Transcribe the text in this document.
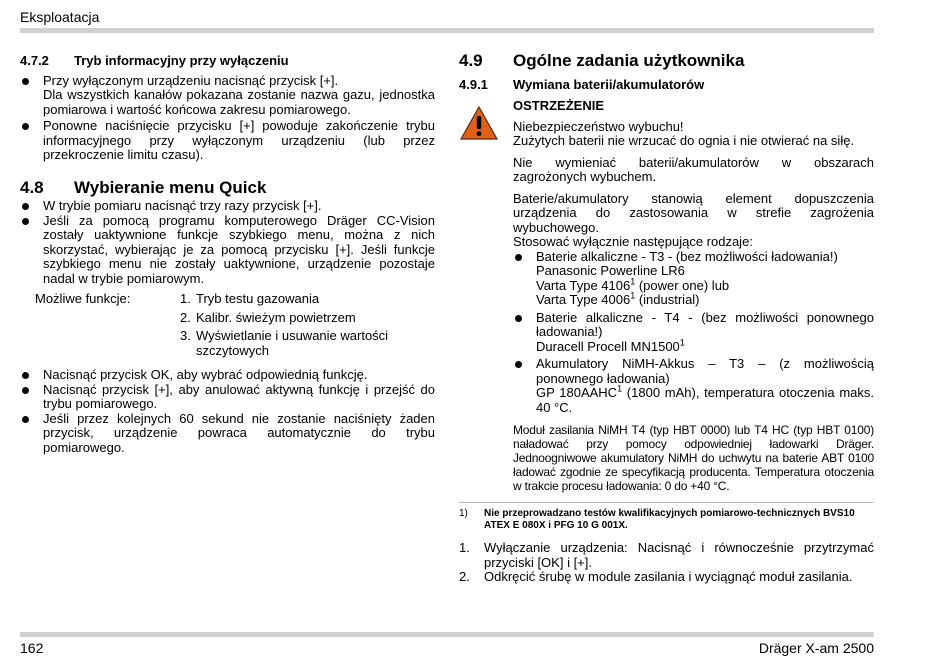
Eksploatacja
4.7.2	Tryb informacyjny przy wyłączeniu
Przy wyłączonym urządzeniu nacisnąć przycisk [+].
Dla wszystkich kanałów pokazana zostanie nazwa gazu, jednostka pomiarowa i wartość końcowa zakresu pomiarowego.
Ponowne naciśnięcie przycisku [+] powoduje zakończenie trybu informacyjnego przy wyłączonym urządzeniu (lub przez przekroczenie limitu czasu).
4.8	Wybieranie menu Quick
W trybie pomiaru nacisnąć trzy razy przycisk [+].
Jeśli za pomocą programu komputerowego Dräger CC-Vision zostały uaktywnione funkcje szybkiego menu, można z nich skorzystać, wybierając je za pomocą przycisku [+]. Jeśli funkcje szybkiego menu nie zostały uaktywnione, urządzenie pozostaje nadal w trybie pomiarowym.
Możliwe funkcje:	1. Tryb testu gazowania
2. Kalibr. świeżym powietrzem
3. Wyświetlanie i usuwanie wartości szczytowych
Nacisnąć przycisk OK, aby wybrać odpowiednią funkcję.
Nacisnąć przycisk [+], aby anulować aktywną funkcję i przejść do trybu pomiarowego.
Jeśli przez kolejnych 60 sekund nie zostanie naciśnięty żaden przycisk, urządzenie powraca automatycznie do trybu pomiarowego.
4.9	Ogólne zadania użytkownika
4.9.1	Wymiana baterii/akumulatorów
OSTRZEŻENIE
Niebezpieczeństwo wybuchu!
Zużytych baterii nie wrzucać do ognia i nie otwierać na siłę.
Nie wymieniać baterii/akumulatorów w obszarach zagrożonych wybuchem.
Baterie/akumulatory stanowią element dopuszczenia urządzenia do zastosowania w strefie zagrożenia wybuchowego.
Stosować wyłącznie następujące rodzaje:
Baterie alkaliczne - T3 - (bez możliwości ładowania!)
Panasonic Powerline LR6
Varta Type 4106$^1$ (power one) lub
Varta Type 4006$^1$ (industrial)
Baterie alkaliczne - T4 - (bez możliwości ponownego ładowania!)
Duracell Procell MN1500$^1$
Akumulatory NiMH-Akkus – T3 – (z możliwością ponownego ładowania)
GP 180AAHC$^1$ (1800 mAh), temperatura otoczenia maks. 40 °C.
Moduł zasilania NiMH T4 (typ HBT 0000) lub T4 HC (typ HBT 0100) naładować przy pomocy odpowiedniej ładowarki Dräger. Jednoogniwowe akumulatory NiMH do uchwytu na baterie ABT 0100 ładować zgodnie ze specyfikacją producenta. Temperatura otoczenia w trakcie procesu ładowania: 0 do +40 °C.
1)	Nie przeprowadzano testów kwalifikacyjnych pomiarowo-technicznych BVS10 ATEX E 080X i PFG 10 G 001X.
1.	Wyłączanie urządzenia: Nacisnąć i równocześnie przytrzymać przyciski [OK] i [+].
2.	Odkręcić śrubę w module zasilania i wyciągnąć moduł zasilania.
162	Dräger X-am 2500
